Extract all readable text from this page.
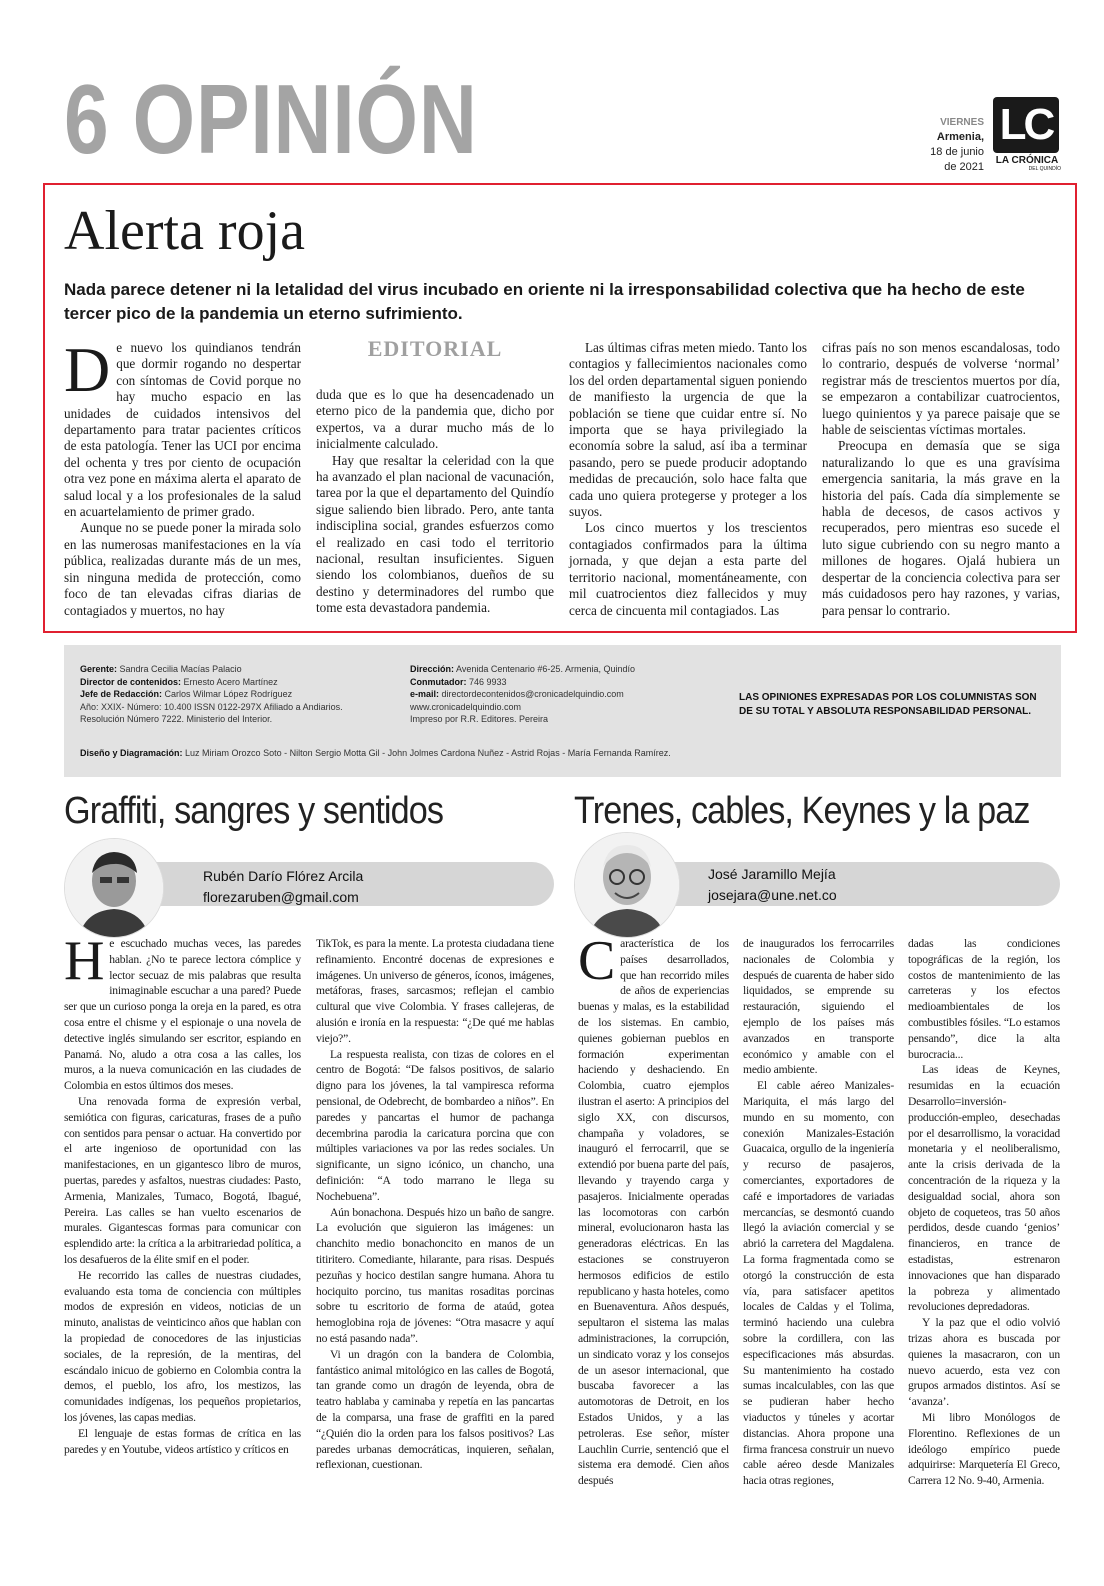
6 OPINIÓN	VIERNES
Armenia,
18 de junio
de 2021
LC
LA CRÓNICA
DEL QUINDÍO
Alerta roja
Nada parece detener ni la letalidad del virus incubado en oriente ni la irresponsabilidad colectiva que ha hecho de este tercer pico de la pandemia un eterno sufrimiento.

De nuevo los quindianos tendrán que dormir rogando no despertar con síntomas de Covid porque no hay mucho espacio en las unidades de cuidados intensivos del departamento para tratar pacientes críticos de esta patología. Tener las UCI por encima del ochenta y tres por ciento de ocupación otra vez pone en máxima alerta el aparato de salud local y a los profesionales de la salud en acuartelamiento de primer grado.

Aunque no se puede poner la mirada solo en las numerosas manifestaciones en la vía pública, realizadas durante más de un mes, sin ninguna medida de protección, como foco de tan elevadas cifras diarias de contagiados y muertos, no hay

EDITORIAL

duda que es lo que ha desencadenado un eterno pico de la pandemia que, dicho por expertos, va a durar mucho más de lo inicialmente calculado.

Hay que resaltar la celeridad con la que ha avanzado el plan nacional de vacunación, tarea por la que el departamento del Quindío sigue saliendo bien librado. Pero, ante tanta indisciplina social, grandes esfuerzos como el realizado en casi todo el territorio nacional, resultan insuficientes. Siguen siendo los colombianos, dueños de su destino y determinadores del rumbo que tome esta devastadora pandemia.

Las últimas cifras meten miedo. Tanto los contagios y fallecimientos nacionales como los del orden departamental siguen poniendo de manifiesto la urgencia de que la población se tiene que cuidar entre sí. No importa que se haya privilegiado la economía sobre la salud, así iba a terminar pasando, pero se puede producir adoptando medidas de precaución, solo hace falta que cada uno quiera protegerse y proteger a los suyos.

Los cinco muertos y los trescientos contagiados confirmados para la última jornada, y que dejan a esta parte del territorio nacional, momentáneamente, con mil cuatrocientos diez fallecidos y muy cerca de cincuenta mil contagiados. Las

cifras país no son menos escandalosas, todo lo contrario, después de volverse ‘normal’ registrar más de trescientos muertos por día, se empezaron a contabilizar cuatrocientos, luego quinientos y ya parece paisaje que se hable de seiscientas víctimas mortales.

Preocupa en demasía que se siga naturalizando lo que es una gravísima emergencia sanitaria, la más grave en la historia del país. Cada día simplemente se habla de decesos, de casos activos y recuperados, pero mientras eso sucede el luto sigue cubriendo con su negro manto a millones de hogares. Ojalá hubiera un despertar de la conciencia colectiva para ser más cuidadosos pero hay razones, y varias, para pensar lo contrario.

Gerente: Sandra Cecilia Macías Palacio
Director de contenidos: Ernesto Acero Martínez
Jefe de Redacción: Carlos Wilmar López Rodríguez
Año: XXIX- Número: 10.400 ISSN 0122-297X Afiliado a Andiarios.
Resolución Número 7222. Ministerio del Interior.
Dirección: Avenida Centenario #6-25. Armenia, Quindío
Conmutador: 746 9933
e-mail: directordecontenidos@cronicadelquindio.com
www.cronicadelquindio.com
Impreso por R.R. Editores. Pereira
LAS OPINIONES EXPRESADAS POR LOS COLUMNISTAS SON DE SU TOTAL Y ABSOLUTA RESPONSABILIDAD PERSONAL.
Diseño y Diagramación: Luz Miriam Orozco Soto - Nilton Sergio Motta Gil - John Jolmes Cardona Nuñez - Astrid Rojas - María Fernanda Ramírez.
Graffiti, sangres y sentidos
Rubén Darío Flórez Arcila
florezaruben@gmail.com

He escuchado muchas veces, las paredes hablan. ¿No te parece lectora cómplice y lector secuaz de mis palabras que resulta inimaginable escuchar a una pared? Puede ser que un curioso ponga la oreja en la pared, es otra cosa entre el chisme y el espionaje o una novela de detective inglés simulando ser escritor, espiando en Panamá. No, aludo a otra cosa a las calles, los muros, a la nueva comunicación en las ciudades de Colombia en estos últimos dos meses.

Una renovada forma de expresión verbal, semiótica con figuras, caricaturas, frases de a puño con sentidos para pensar o actuar. Ha convertido por el arte ingenioso de oportunidad con las manifestaciones, en un gigantesco libro de muros, puertas, paredes y asfaltos, nuestras ciudades: Pasto, Armenia, Manizales, Tumaco, Bogotá, Ibagué, Pereira. Las calles se han vuelto escenarios de murales. Gigantescas formas para comunicar con esplendido arte: la crítica a la arbitrariedad política, a los desafueros de la élite smif en el poder.

He recorrido las calles de nuestras ciudades, evaluando esta toma de conciencia con múltiples modos de expresión en videos, noticias de un minuto, analistas de veinticinco años que hablan con la propiedad de conocedores de las injusticias sociales, de la represión, de la mentiras, del escándalo inicuo de gobierno en Colombia contra la demos, el pueblo, los afro, los mestizos, las comunidades indígenas, los pequeños propietarios, los jóvenes, las capas medias.

El lenguaje de estas formas de crítica en las paredes y en Youtube, videos artístico y críticos en

TikTok, es para la mente. La protesta ciudadana tiene refinamiento. Encontré docenas de expresiones e imágenes. Un universo de géneros, íconos, imágenes, metáforas, frases, sarcasmos; reflejan el cambio cultural que vive Colombia. Y frases callejeras, de alusión e ironía en la respuesta: “¿De qué me hablas viejo?”.

La respuesta realista, con tizas de colores en el centro de Bogotá: “De falsos positivos, de salario digno para los jóvenes, la tal vampiresca reforma pensional, de Odebrecht, de bombardeo a niños”. En paredes y pancartas el humor de pachanga decembrina parodia la caricatura porcina que con múltiples variaciones va por las redes sociales. Un significante, un signo icónico, un chancho, una definición: “A todo marrano le llega su Nochebuena”.

Aún bonachona. Después hizo un baño de sangre. La evolución que siguieron las imágenes: un chanchito medio bonachoncito en manos de un titiritero. Comediante, hilarante, para risas. Después pezuñas y hocico destilan sangre humana. Ahora tu hociquito porcino, tus manitas rosaditas porcinas sobre tu escritorio de forma de ataúd, gotea hemoglobina roja de jóvenes: “Otra masacre y aquí no está pasando nada”.

Vi un dragón con la bandera de Colombia, fantástico animal mitológico en las calles de Bogotá, tan grande como un dragón de leyenda, obra de teatro hablaba y caminaba y repetía en las pancartas de la comparsa, una frase de graffiti en la pared “¿Quién dio la orden para los falsos positivos? Las paredes urbanas democráticas, inquieren, señalan, reflexionan, cuestionan.

Trenes, cables, Keynes y la paz
José Jaramillo Mejía
josejara@une.net.co

Característica de los países desarrollados, que han recorrido miles de años de experiencias buenas y malas, es la estabilidad de los sistemas. En cambio, quienes gobiernan pueblos en formación experimentan haciendo y deshaciendo. En Colombia, cuatro ejemplos ilustran el aserto: A principios del siglo XX, con discursos, champaña y voladores, se inauguró el ferrocarril, que se extendió por buena parte del país, llevando y trayendo carga y pasajeros. Inicialmente operadas las locomotoras con carbón mineral, evolucionaron hasta las generadoras eléctricas. En las estaciones se construyeron hermosos edificios de estilo republicano y hasta hoteles, como en Buenaventura. Años después, sepultaron el sistema las malas administraciones, la corrupción, un sindicato voraz y los consejos de un asesor internacional, que buscaba favorecer a las automotoras de Detroit, en los Estados Unidos, y a las petroleras. Ese señor, míster Lauchlin Currie, sentenció que el sistema era demodé. Cien años después

de inaugurados los ferrocarriles nacionales de Colombia y después de cuarenta de haber sido liquidados, se emprende su restauración, siguiendo el ejemplo de los países más avanzados en transporte económico y amable con el medio ambiente.

El cable aéreo Manizales-Mariquita, el más largo del mundo en su momento, con conexión Manizales-Estación Guacaica, orgullo de la ingeniería y recurso de pasajeros, comerciantes, exportadores de café e importadores de variadas mercancías, se desmontó cuando llegó la aviación comercial y se abrió la carretera del Magdalena. La forma fragmentada como se otorgó la construcción de esta vía, para satisfacer apetitos locales de Caldas y el Tolima, terminó haciendo una culebra sobre la cordillera, con las especificaciones más absurdas. Su mantenimiento ha costado sumas incalculables, con las que se pudieran haber hecho viaductos y túneles y acortar distancias. Ahora propone una firma francesa construir un nuevo cable aéreo desde Manizales hacia otras regiones,

dadas las condiciones topográficas de la región, los costos de mantenimiento de las carreteras y los efectos medioambientales de los combustibles fósiles. “Lo estamos pensando”, dice la alta burocracia...

Las ideas de Keynes, resumidas en la ecuación Desarrollo=inversión- producción-empleo, desechadas por el desarrollismo, la voracidad monetaria y el neoliberalismo, ante la crisis derivada de la concentración de la riqueza y la desigualdad social, ahora son objeto de coqueteos, tras 50 años perdidos, desde cuando ‘genios’ financieros, en trance de estadistas, estrenaron innovaciones que han disparado la pobreza y alimentado revoluciones depredadoras.

Y la paz que el odio volvió trizas ahora es buscada por quienes la masacraron, con un nuevo acuerdo, esta vez con grupos armados distintos. Así se ‘avanza’.

Mi libro Monólogos de Florentino. Reflexiones de un ideólogo empírico puede adquirirse: Marquetería El Greco, Carrera 12 No. 9-40, Armenia.
